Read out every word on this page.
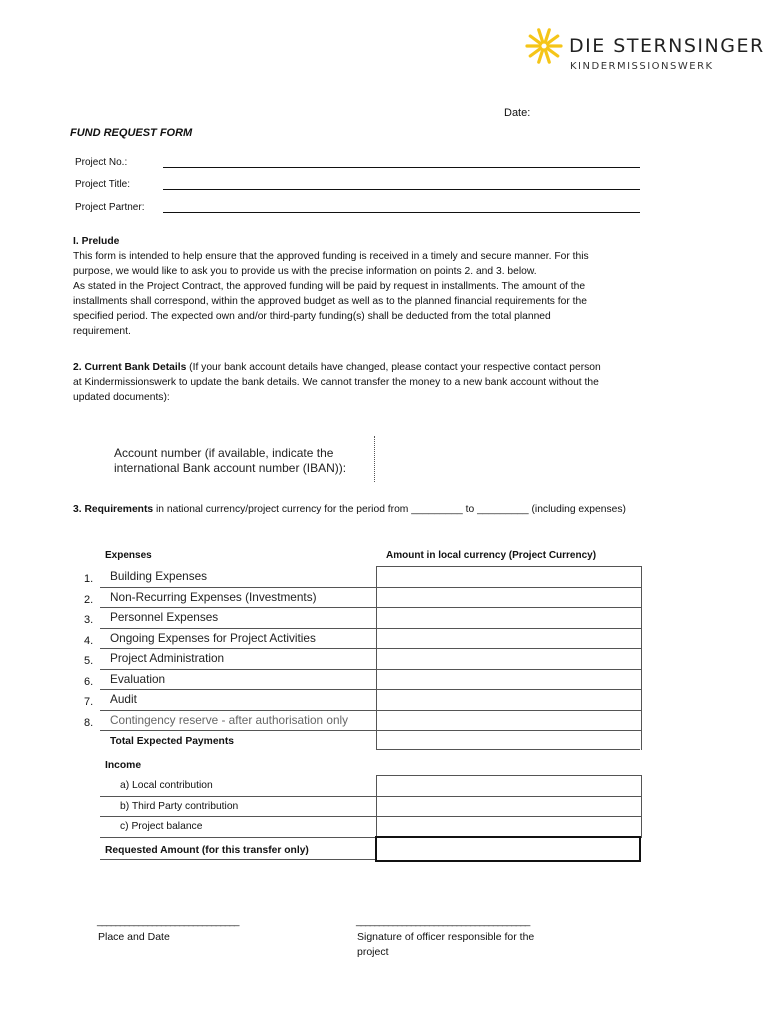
DIE STERNSINGER
KINDERMISSIONSWERK
Date:
FUND REQUEST FORM
Project No.:
Project Title:
Project Partner:
I. Prelude
This form is intended to help ensure that the approved funding is received in a timely and secure manner. For this
purpose, we would like to ask you to provide us with the precise information on points 2. and 3. below.
As stated in the Project Contract, the approved funding will be paid by request in installments. The amount of the
installments shall correspond, within the approved budget as well as to the planned financial requirements for the
specified period. The expected own and/or third-party funding(s) shall be deducted from the total planned
requirement.
2. Current Bank Details (If your bank account details have changed, please contact your respective contact person
at Kindermissionswerk to update the bank details. We cannot transfer the money to a new bank account without the
updated documents):
Account number (if available, indicate the
international Bank account number (IBAN)):
3. Requirements in national currency/project currency for the period from _________ to _________ (including expenses)
Expenses	Amount in local currency (Project Currency)
1.	Building Expenses
2.	Non-Recurring Expenses (Investments)
3.	Personnel Expenses
4.	Ongoing Expenses for Project Activities
5.	Project Administration
6.	Evaluation
7.	Audit
8.	Contingency reserve - after authorisation only
Total Expected Payments
Income
a) Local contribution
b) Third Party contribution
c) Project balance
Requested Amount (for this transfer only)
_______________________________
Place and Date
______________________________________
Signature of officer responsible for the
project
